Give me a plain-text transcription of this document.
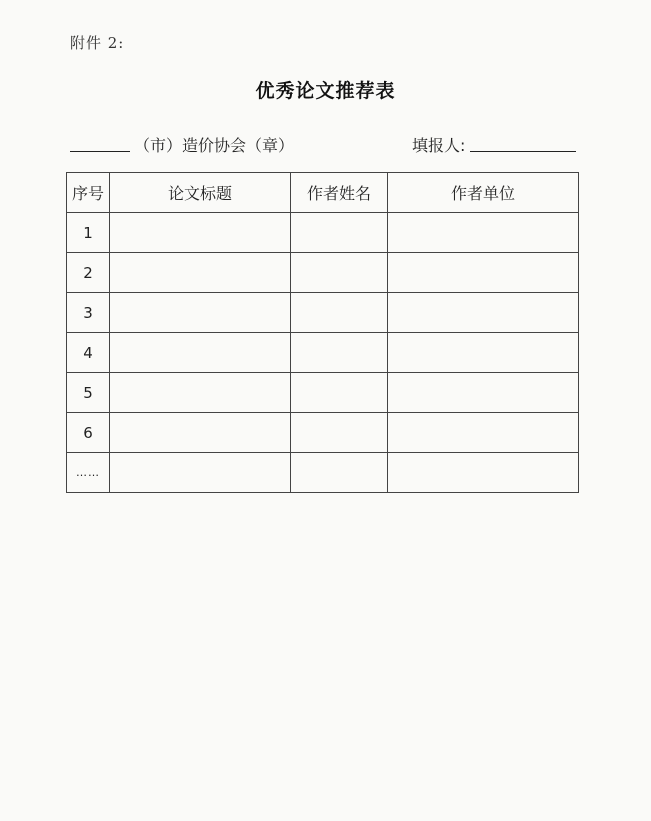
附件 2:
优秀论文推荐表
（市）造价协会（章）	填报人:
序号	论文标题	作者姓名	作者单位
1			
2			
3			
4			
5			
6			
……			
